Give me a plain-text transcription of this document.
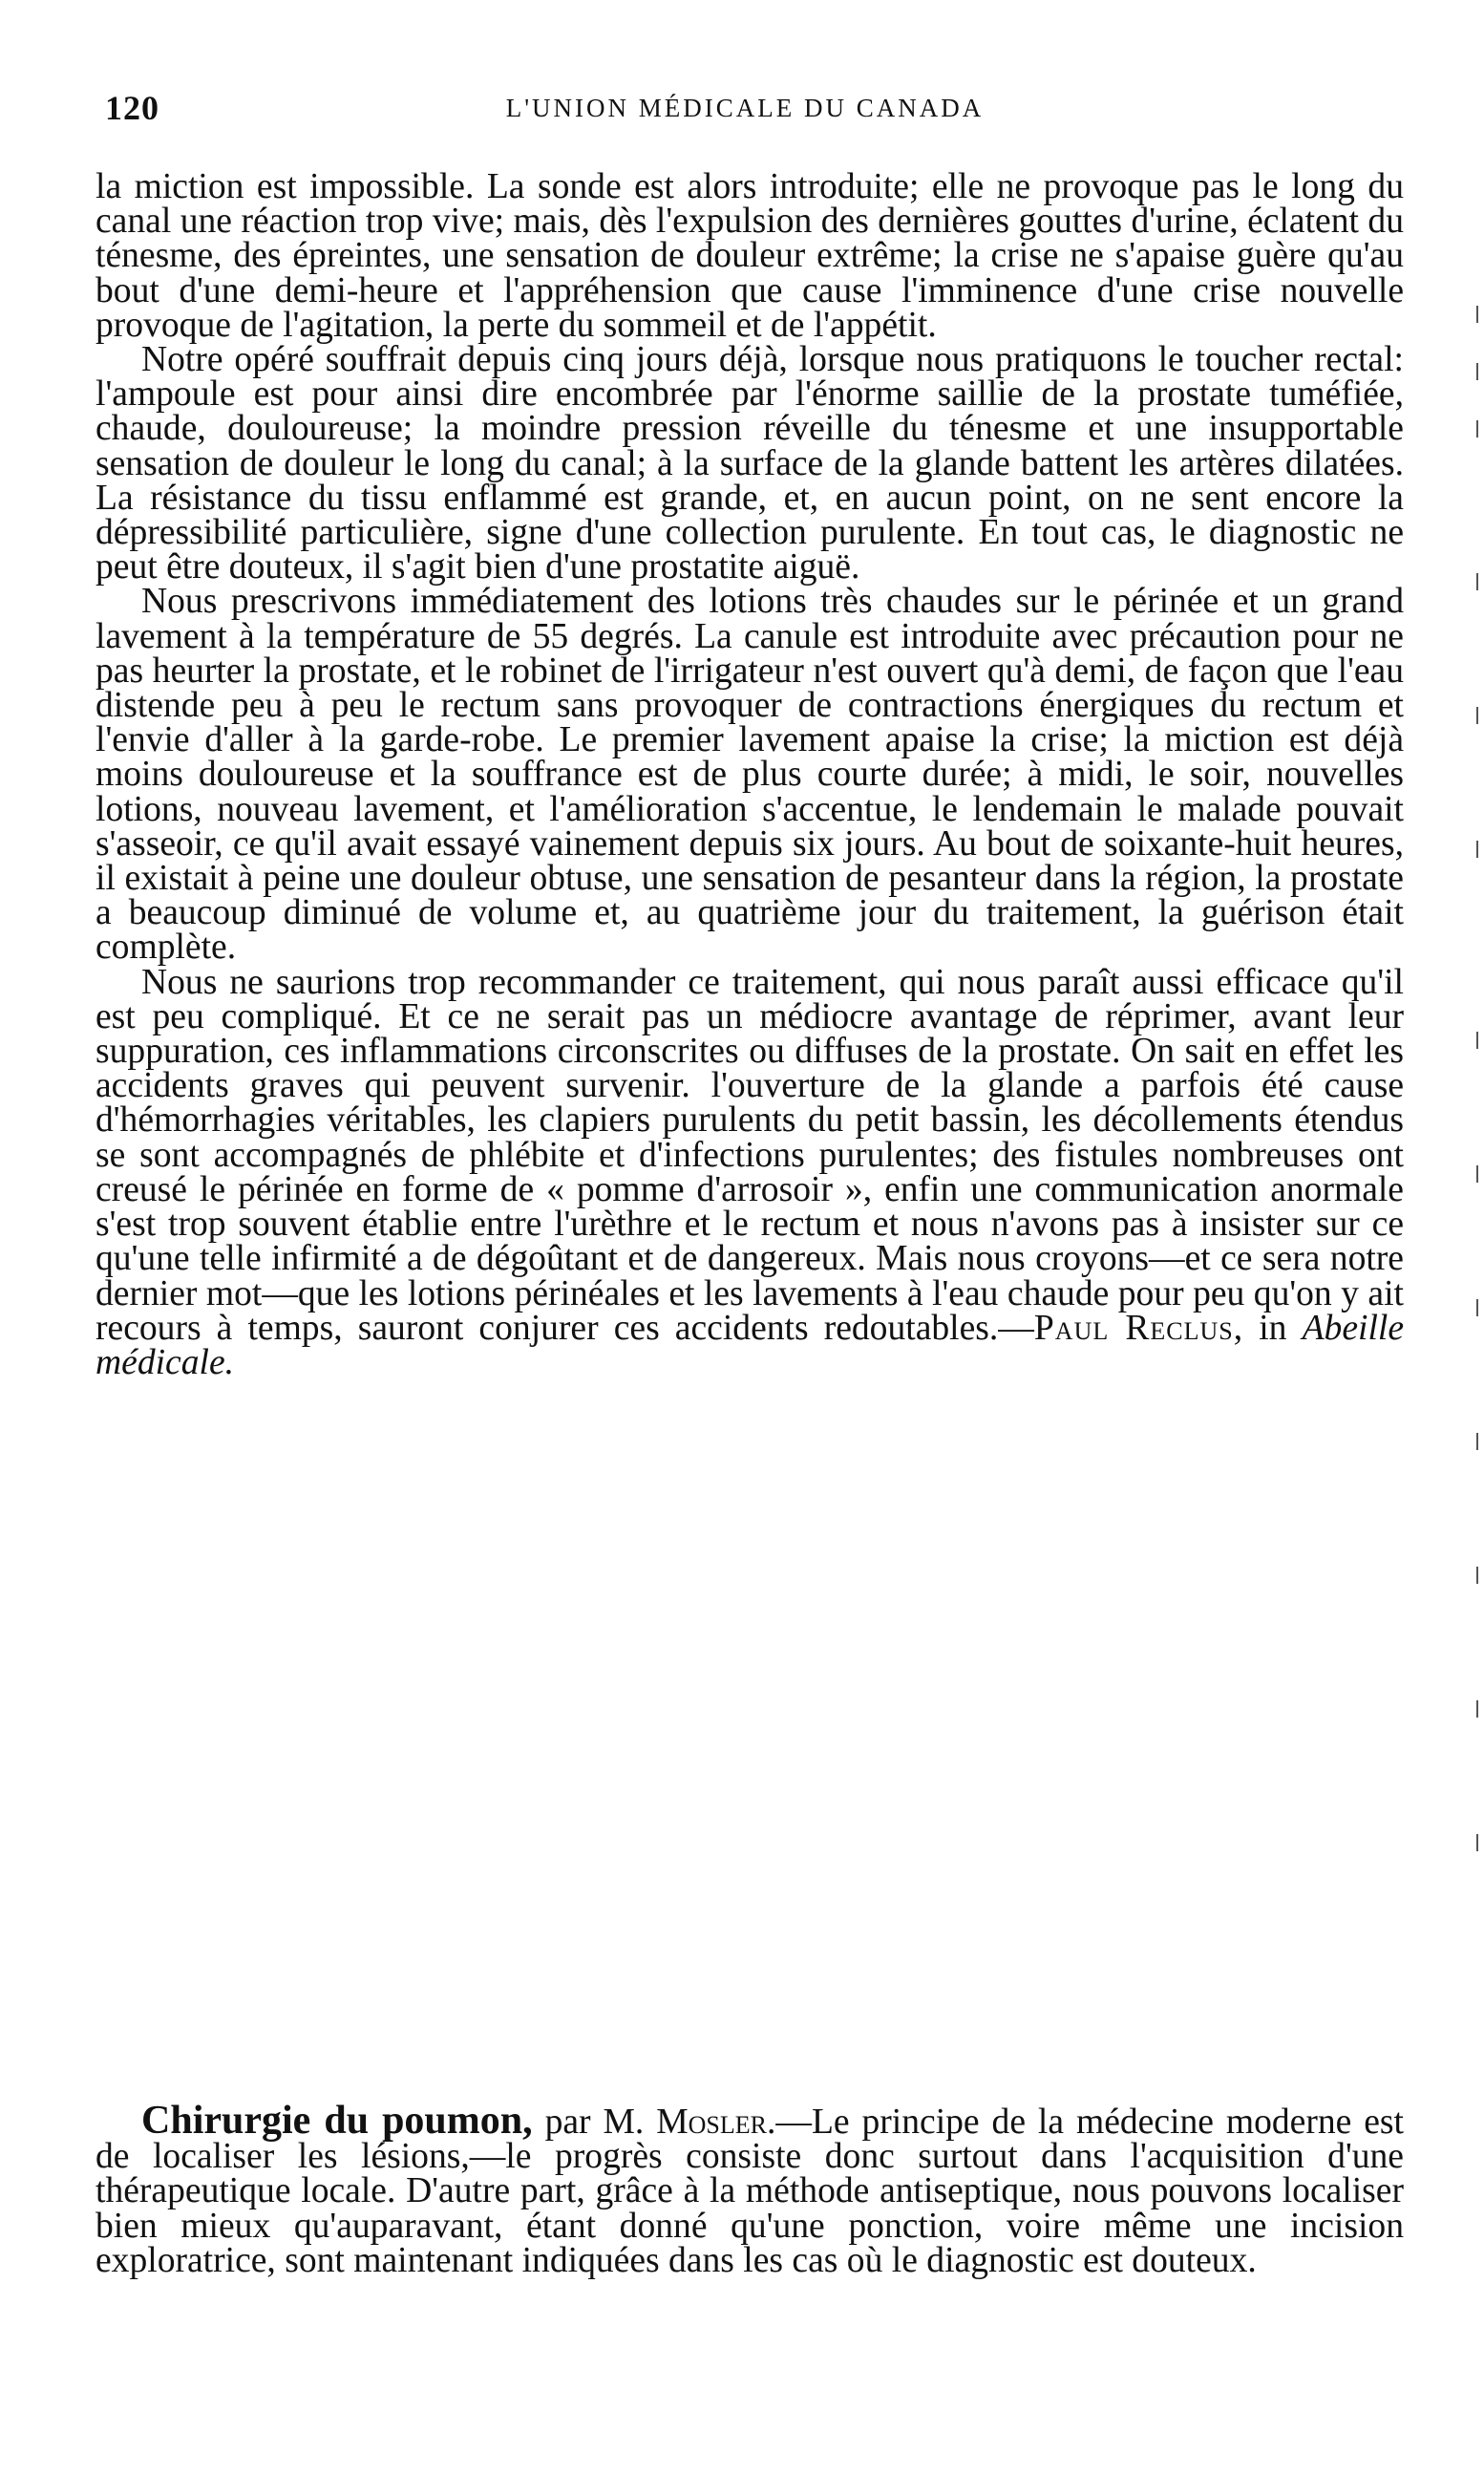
120	L'UNION MÉDICALE DU CANADA

la miction est impossible. La sonde est alors introduite; elle ne provoque pas le long du canal une réaction trop vive; mais, dès l'expulsion des dernières gouttes d'urine, éclatent du ténesme, des épreintes, une sensation de douleur extrême; la crise ne s'apaise guère qu'au bout d'une demi-heure et l'appréhension que cause l'imminence d'une crise nouvelle provoque de l'agitation, la perte du sommeil et de l'appétit.

Notre opéré souffrait depuis cinq jours déjà, lorsque nous pratiquons le toucher rectal: l'ampoule est pour ainsi dire encombrée par l'énorme saillie de la prostate tuméfiée, chaude, douloureuse; la moindre pression réveille du ténesme et une insupportable sensation de douleur le long du canal; à la surface de la glande battent les artères dilatées. La résistance du tissu enflammé est grande, et, en aucun point, on ne sent encore la dépressibilité particulière, signe d'une collection purulente. En tout cas, le diagnostic ne peut être douteux, il s'agit bien d'une prostatite aiguë.

Nous prescrivons immédiatement des lotions très chaudes sur le périnée et un grand lavement à la température de 55 degrés. La canule est introduite avec précaution pour ne pas heurter la prostate, et le robinet de l'irrigateur n'est ouvert qu'à demi, de façon que l'eau distende peu à peu le rectum sans provoquer de contractions énergiques du rectum et l'envie d'aller à la garde-robe. Le premier lavement apaise la crise; la miction est déjà moins douloureuse et la souffrance est de plus courte durée; à midi, le soir, nouvelles lotions, nouveau lavement, et l'amélioration s'accentue, le lendemain le malade pouvait s'asseoir, ce qu'il avait essayé vainement depuis six jours. Au bout de soixante-huit heures, il existait à peine une douleur obtuse, une sensation de pesanteur dans la région, la prostate a beaucoup diminué de volume et, au quatrième jour du traitement, la guérison était complète.

Nous ne saurions trop recommander ce traitement, qui nous paraît aussi efficace qu'il est peu compliqué. Et ce ne serait pas un médiocre avantage de réprimer, avant leur suppuration, ces inflammations circonscrites ou diffuses de la prostate. On sait en effet les accidents graves qui peuvent survenir. l'ouverture de la glande a parfois été cause d'hémorrhagies véritables, les clapiers purulents du petit bassin, les décollements étendus se sont accompagnés de phlébite et d'infections purulentes; des fistules nombreuses ont creusé le périnée en forme de « pomme d'arrosoir », enfin une communication anormale s'est trop souvent établie entre l'urèthre et le rectum et nous n'avons pas à insister sur ce qu'une telle infirmité a de dégoûtant et de dangereux. Mais nous croyons—et ce sera notre dernier mot—que les lotions périnéales et les lavements à l'eau chaude pour peu qu'on y ait recours à temps, sauront conjurer ces accidents redoutables.—Paul Reclus, in Abeille médicale.

Chirurgie du poumon, par M. Mosler.—Le principe de la médecine moderne est de localiser les lésions,—le progrès consiste donc surtout dans l'acquisition d'une thérapeutique locale. D'autre part, grâce à la méthode antiseptique, nous pouvons localiser bien mieux qu'auparavant, étant donné qu'une ponction, voire même une incision exploratrice, sont maintenant indiquées dans les cas où le diagnostic est douteux.
